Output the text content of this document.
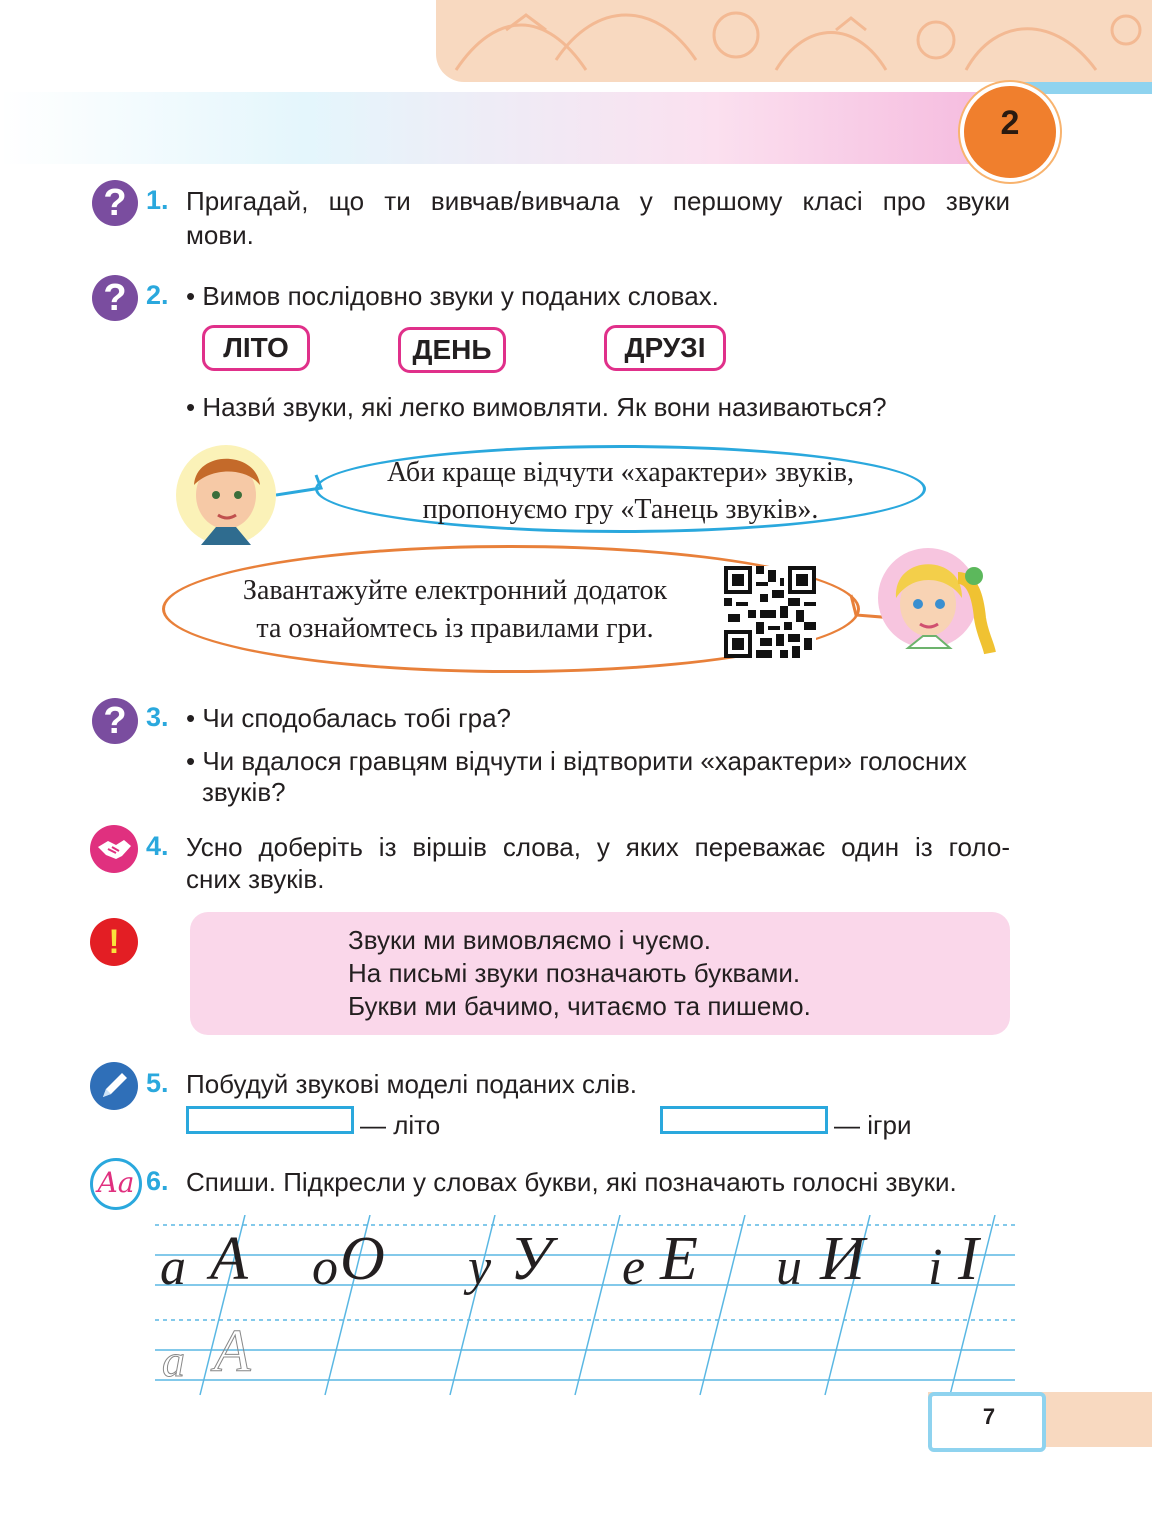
2
? 1. Пригадай, що ти вивчав/вивчала у першому класі про звуки
мови.
? 2. • Вимов послідовно звуки у поданих словах.
ЛІТО	ДЕНЬ	ДРУЗІ
• Назви́ звуки, які легко вимовляти. Як вони називаються?
Аби краще відчути «характери» звуків,
пропонуємо гру «Танець звуків».
Завантажуйте електронний додаток
та ознайомтесь із правилами гри.
? 3. • Чи сподобалась тобі гра?
• Чи вдалося гравцям відчути і відтворити «характери» голосних
звуків?
4. Усно доберіть із віршів слова, у яких переважає один із голо-
сних звуків.
!	Звуки ми вимовляємо і чуємо.
На письмі звуки позначають буквами.
Букви ми бачимо, читаємо та пишемо.
5. Побудуй звукові моделі поданих слів.
— літо	— ігри
Aa 6. Спиши. Підкресли у словах букви, які позначають голосні звуки.
а А о О у У е Е и И і І
а А
7
